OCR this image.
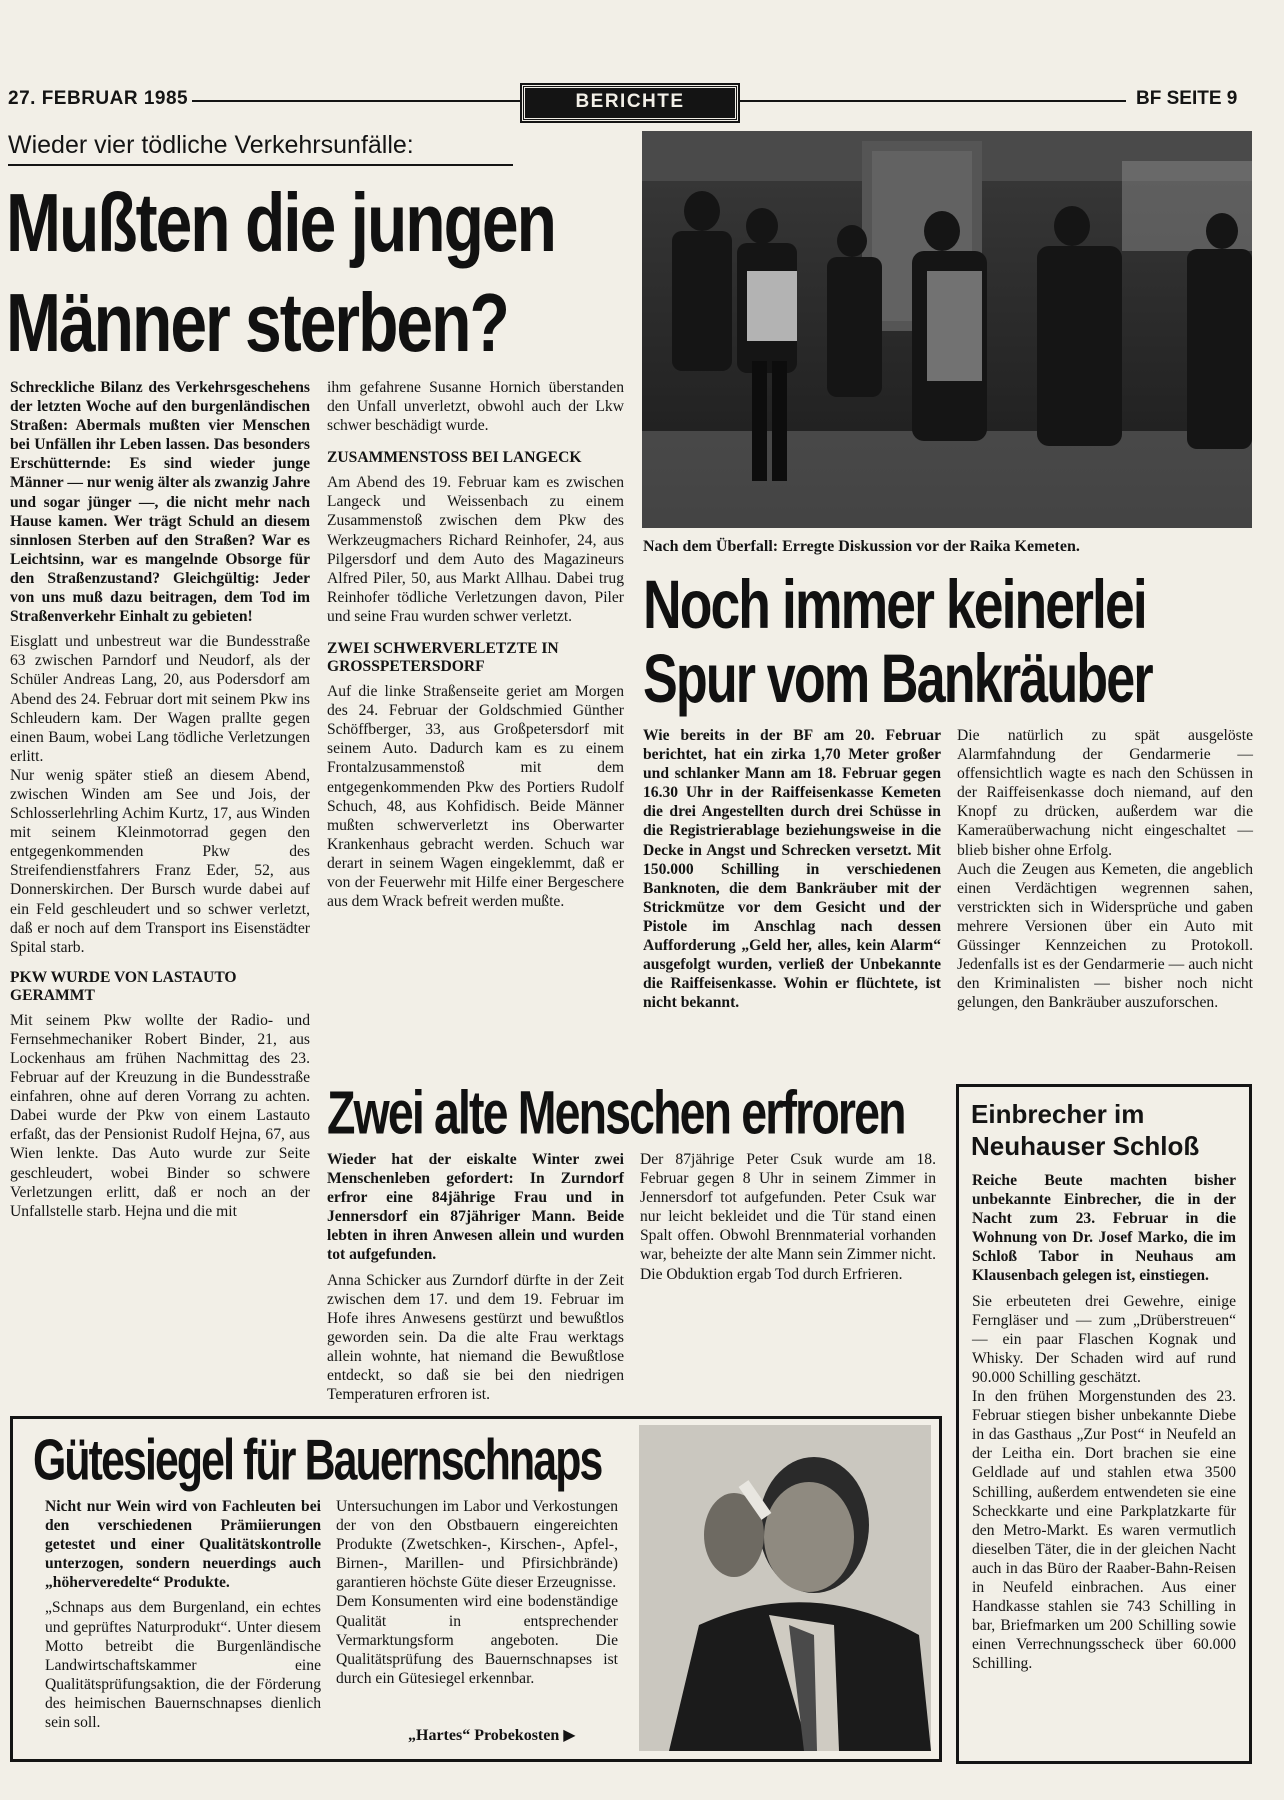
27. FEBRUAR 1985	BERICHTE	BF SEITE 9
Wieder vier tödliche Verkehrsunfälle:
Mußten die jungen
Männer sterben?

Schreckliche Bilanz des Verkehrsgeschehens der letzten Woche auf den burgenländischen Straßen: Abermals mußten vier Menschen bei Unfällen ihr Leben lassen. Das besonders Erschütternde: Es sind wieder junge Männer — nur wenig älter als zwanzig Jahre und sogar jünger —, die nicht mehr nach Hause kamen. Wer trägt Schuld an diesem sinnlosen Sterben auf den Straßen? War es Leichtsinn, war es mangelnde Obsorge für den Straßenzustand? Gleichgültig: Jeder von uns muß dazu beitragen, dem Tod im Straßenverkehr Einhalt zu gebieten!

Eisglatt und unbestreut war die Bundesstraße 63 zwischen Parndorf und Neudorf, als der Schüler Andreas Lang, 20, aus Podersdorf am Abend des 24. Februar dort mit seinem Pkw ins Schleudern kam. Der Wagen prallte gegen einen Baum, wobei Lang tödliche Verletzungen erlitt.

Nur wenig später stieß an diesem Abend, zwischen Winden am See und Jois, der Schlosserlehrling Achim Kurtz, 17, aus Winden mit seinem Kleinmotorrad gegen den entgegenkommenden Pkw des Streifendienstfahrers Franz Eder, 52, aus Donnerskirchen. Der Bursch wurde dabei auf ein Feld geschleudert und so schwer verletzt, daß er noch auf dem Transport ins Eisenstädter Spital starb.

PKW WURDE VON LASTAUTO GERAMMT

Mit seinem Pkw wollte der Radio- und Fernsehmechaniker Robert Binder, 21, aus Lockenhaus am frühen Nachmittag des 23. Februar auf der Kreuzung in die Bundesstraße einfahren, ohne auf deren Vorrang zu achten. Dabei wurde der Pkw von einem Lastauto erfaßt, das der Pensionist Rudolf Hejna, 67, aus Wien lenkte. Das Auto wurde zur Seite geschleudert, wobei Binder so schwere Verletzungen erlitt, daß er noch an der Unfallstelle starb. Hejna und die mit

ihm gefahrene Susanne Hornich überstanden den Unfall unverletzt, obwohl auch der Lkw schwer beschädigt wurde.

ZUSAMMENSTOSS BEI LANGECK

Am Abend des 19. Februar kam es zwischen Langeck und Weissenbach zu einem Zusammenstoß zwischen dem Pkw des Werkzeugmachers Richard Reinhofer, 24, aus Pilgersdorf und dem Auto des Magazineurs Alfred Piler, 50, aus Markt Allhau. Dabei trug Reinhofer tödliche Verletzungen davon, Piler und seine Frau wurden schwer verletzt.

ZWEI SCHWERVERLETZTE IN GROSSPETERSDORF

Auf die linke Straßenseite geriet am Morgen des 24. Februar der Goldschmied Günther Schöffberger, 33, aus Großpetersdorf mit seinem Auto. Dadurch kam es zu einem Frontalzusammenstoß mit dem entgegenkommenden Pkw des Portiers Rudolf Schuch, 48, aus Kohfidisch. Beide Männer mußten schwerverletzt ins Oberwarter Krankenhaus gebracht werden. Schuch war derart in seinem Wagen eingeklemmt, daß er von der Feuerwehr mit Hilfe einer Bergeschere aus dem Wrack befreit werden mußte.

Nach dem Überfall: Erregte Diskussion vor der Raika Kemeten.
Noch immer keinerlei
Spur vom Bankräuber

Wie bereits in der BF am 20. Februar berichtet, hat ein zirka 1,70 Meter großer und schlanker Mann am 18. Februar gegen 16.30 Uhr in der Raiffeisenkasse Kemeten die drei Angestellten durch drei Schüsse in die Registrierablage beziehungsweise in die Decke in Angst und Schrecken versetzt. Mit 150.000 Schilling in verschiedenen Banknoten, die dem Bankräuber mit der Strickmütze vor dem Gesicht und der Pistole im Anschlag nach dessen Aufforderung „Geld her, alles, kein Alarm“ ausgefolgt wurden, verließ der Unbekannte die Raiffeisenkasse. Wohin er flüchtete, ist nicht bekannt.

Die natürlich zu spät ausgelöste Alarmfahndung der Gendarmerie — offensichtlich wagte es nach den Schüssen in der Raiffeisenkasse doch niemand, auf den Knopf zu drücken, außerdem war die Kameraüberwachung nicht eingeschaltet — blieb bisher ohne Erfolg.

Auch die Zeugen aus Kemeten, die angeblich einen Verdächtigen wegrennen sahen, verstrickten sich in Widersprüche und gaben mehrere Versionen über ein Auto mit Güssinger Kennzeichen zu Protokoll. Jedenfalls ist es der Gendarmerie — auch nicht den Kriminalisten — bisher noch nicht gelungen, den Bankräuber auszuforschen.

Zwei alte Menschen erfroren

Wieder hat der eiskalte Winter zwei Menschenleben gefordert: In Zurndorf erfror eine 84jährige Frau und in Jennersdorf ein 87jähriger Mann. Beide lebten in ihren Anwesen allein und wurden tot aufgefunden.

Anna Schicker aus Zurndorf dürfte in der Zeit zwischen dem 17. und dem 19. Februar im Hofe ihres Anwesens gestürzt und bewußtlos geworden sein. Da die alte Frau werktags allein wohnte, hat niemand die Bewußtlose entdeckt, so daß sie bei den niedrigen Temperaturen erfroren ist.

Der 87jährige Peter Csuk wurde am 18. Februar gegen 8 Uhr in seinem Zimmer in Jennersdorf tot aufgefunden. Peter Csuk war nur leicht bekleidet und die Tür stand einen Spalt offen. Obwohl Brennmaterial vorhanden war, beheizte der alte Mann sein Zimmer nicht. Die Obduktion ergab Tod durch Erfrieren.

Einbrecher im
Neuhauser Schloß

Reiche Beute machten bisher unbekannte Einbrecher, die in der Nacht zum 23. Februar in die Wohnung von Dr. Josef Marko, die im Schloß Tabor in Neuhaus am Klausenbach gelegen ist, einstiegen.

Sie erbeuteten drei Gewehre, einige Ferngläser und — zum „Drüberstreuen“ — ein paar Flaschen Kognak und Whisky. Der Schaden wird auf rund 90.000 Schilling geschätzt.

In den frühen Morgenstunden des 23. Februar stiegen bisher unbekannte Diebe in das Gasthaus „Zur Post“ in Neufeld an der Leitha ein. Dort brachen sie eine Geldlade auf und stahlen etwa 3500 Schilling, außerdem entwendeten sie eine Scheckkarte und eine Parkplatzkarte für den Metro-Markt. Es waren vermutlich dieselben Täter, die in der gleichen Nacht auch in das Büro der Raaber-Bahn-Reisen in Neufeld einbrachen. Aus einer Handkasse stahlen sie 743 Schilling in bar, Briefmarken um 200 Schilling sowie einen Verrechnungsscheck über 60.000 Schilling.

Gütesiegel für Bauernschnaps

Nicht nur Wein wird von Fachleuten bei den verschiedenen Prämiierungen getestet und einer Qualitätskontrolle unterzogen, sondern neuerdings auch „höherveredelte“ Produkte.

„Schnaps aus dem Burgenland, ein echtes und geprüftes Naturprodukt“. Unter diesem Motto betreibt die Burgenländische Landwirtschaftskammer eine Qualitätsprüfungsaktion, die der Förderung des heimischen Bauernschnapses dienlich sein soll.

Untersuchungen im Labor und Verkostungen der von den Obstbauern eingereichten Produkte (Zwetschken-, Kirschen-, Apfel-, Birnen-, Marillen- und Pfirsichbrände) garantieren höchste Güte dieser Erzeugnisse.

Dem Konsumenten wird eine bodenständige Qualität in entsprechender Vermarktungsform angeboten. Die Qualitätsprüfung des Bauernschnapses ist durch ein Gütesiegel erkennbar.

„Hartes“ Probekosten ▶
